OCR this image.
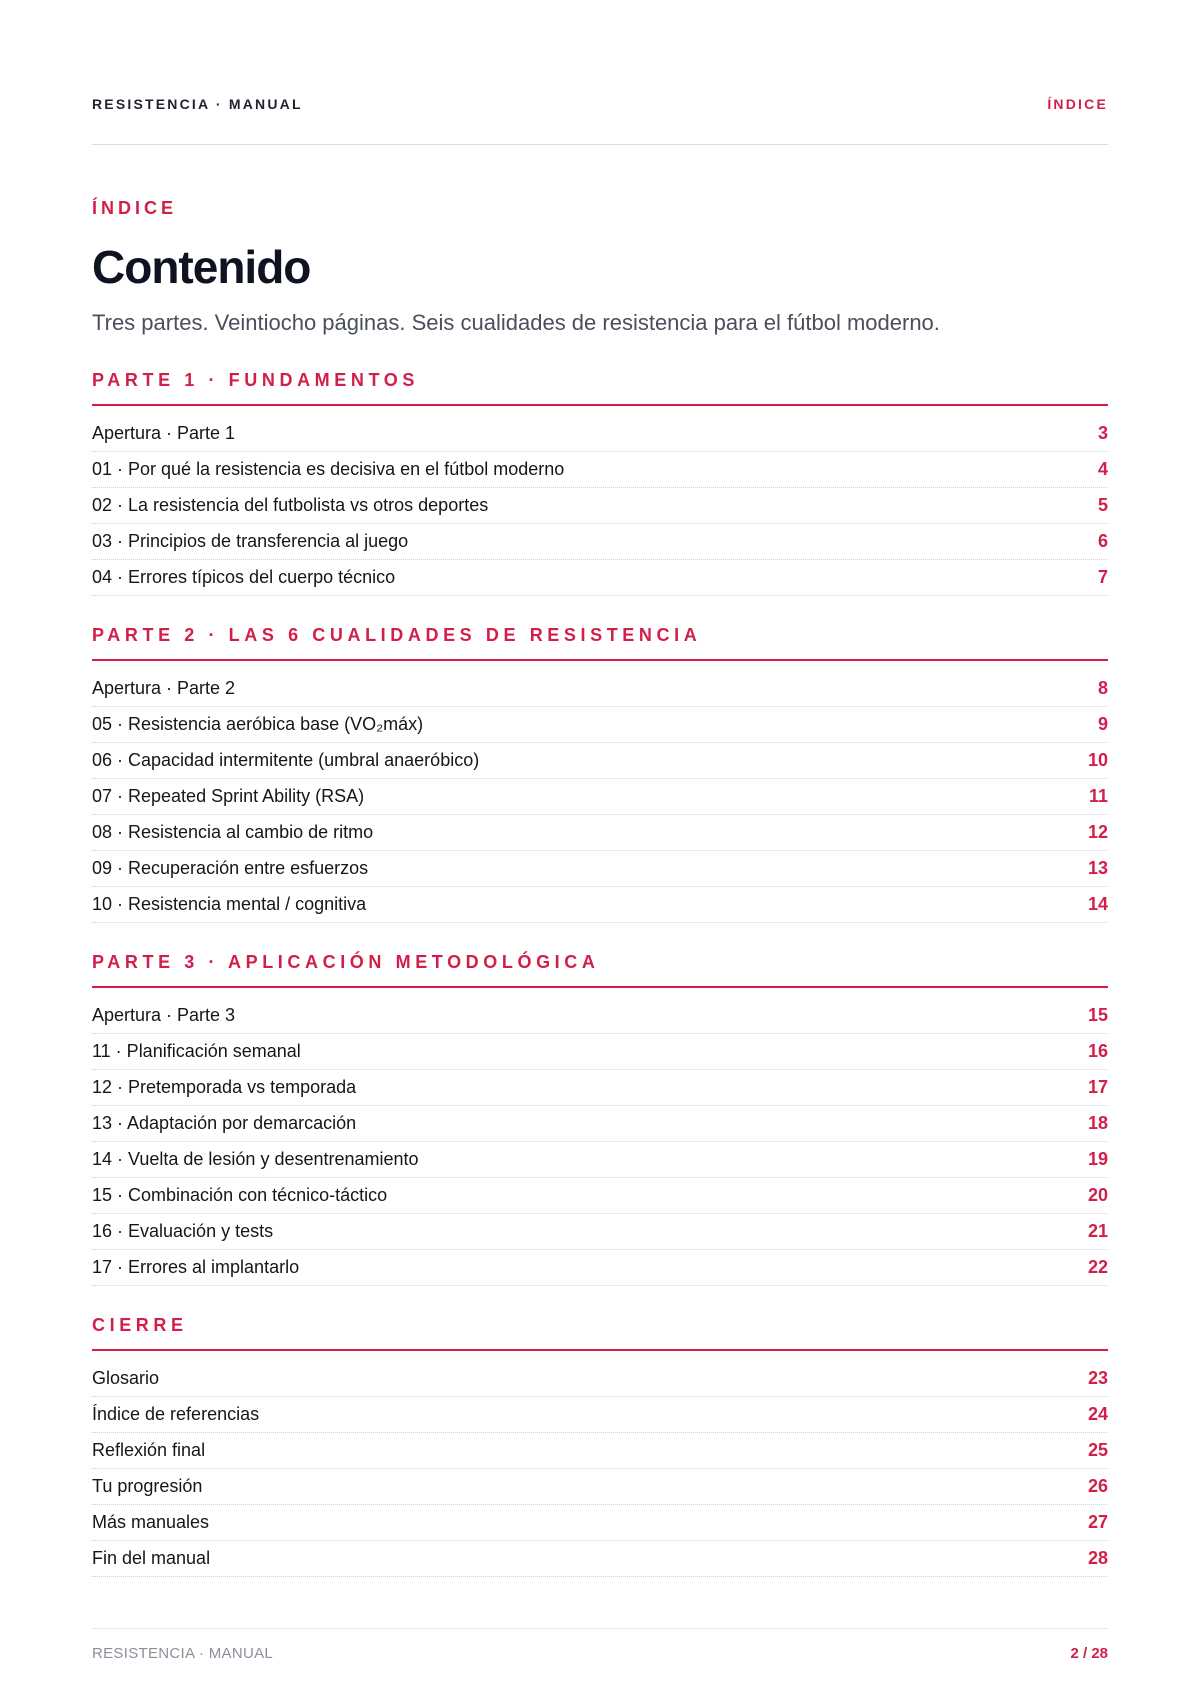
RESISTENCIA · MANUAL	ÍNDICE

ÍNDICE

Contenido

Tres partes. Veintiocho páginas. Seis cualidades de resistencia para el fútbol moderno.

PARTE 1 · FUNDAMENTOS
Apertura · Parte 1	3
01 · Por qué la resistencia es decisiva en el fútbol moderno	4
02 · La resistencia del futbolista vs otros deportes	5
03 · Principios de transferencia al juego	6
04 · Errores típicos del cuerpo técnico	7
PARTE 2 · LAS 6 CUALIDADES DE RESISTENCIA
Apertura · Parte 2	8
05 · Resistencia aeróbica base (VO₂máx)	9
06 · Capacidad intermitente (umbral anaeróbico)	10
07 · Repeated Sprint Ability (RSA)	11
08 · Resistencia al cambio de ritmo	12
09 · Recuperación entre esfuerzos	13
10 · Resistencia mental / cognitiva	14
PARTE 3 · APLICACIÓN METODOLÓGICA
Apertura · Parte 3	15
11 · Planificación semanal	16
12 · Pretemporada vs temporada	17
13 · Adaptación por demarcación	18
14 · Vuelta de lesión y desentrenamiento	19
15 · Combinación con técnico-táctico	20
16 · Evaluación y tests	21
17 · Errores al implantarlo	22
CIERRE
Glosario	23
Índice de referencias	24
Reflexión final	25
Tu progresión	26
Más manuales	27
Fin del manual	28
RESISTENCIA · MANUAL	2 / 28
